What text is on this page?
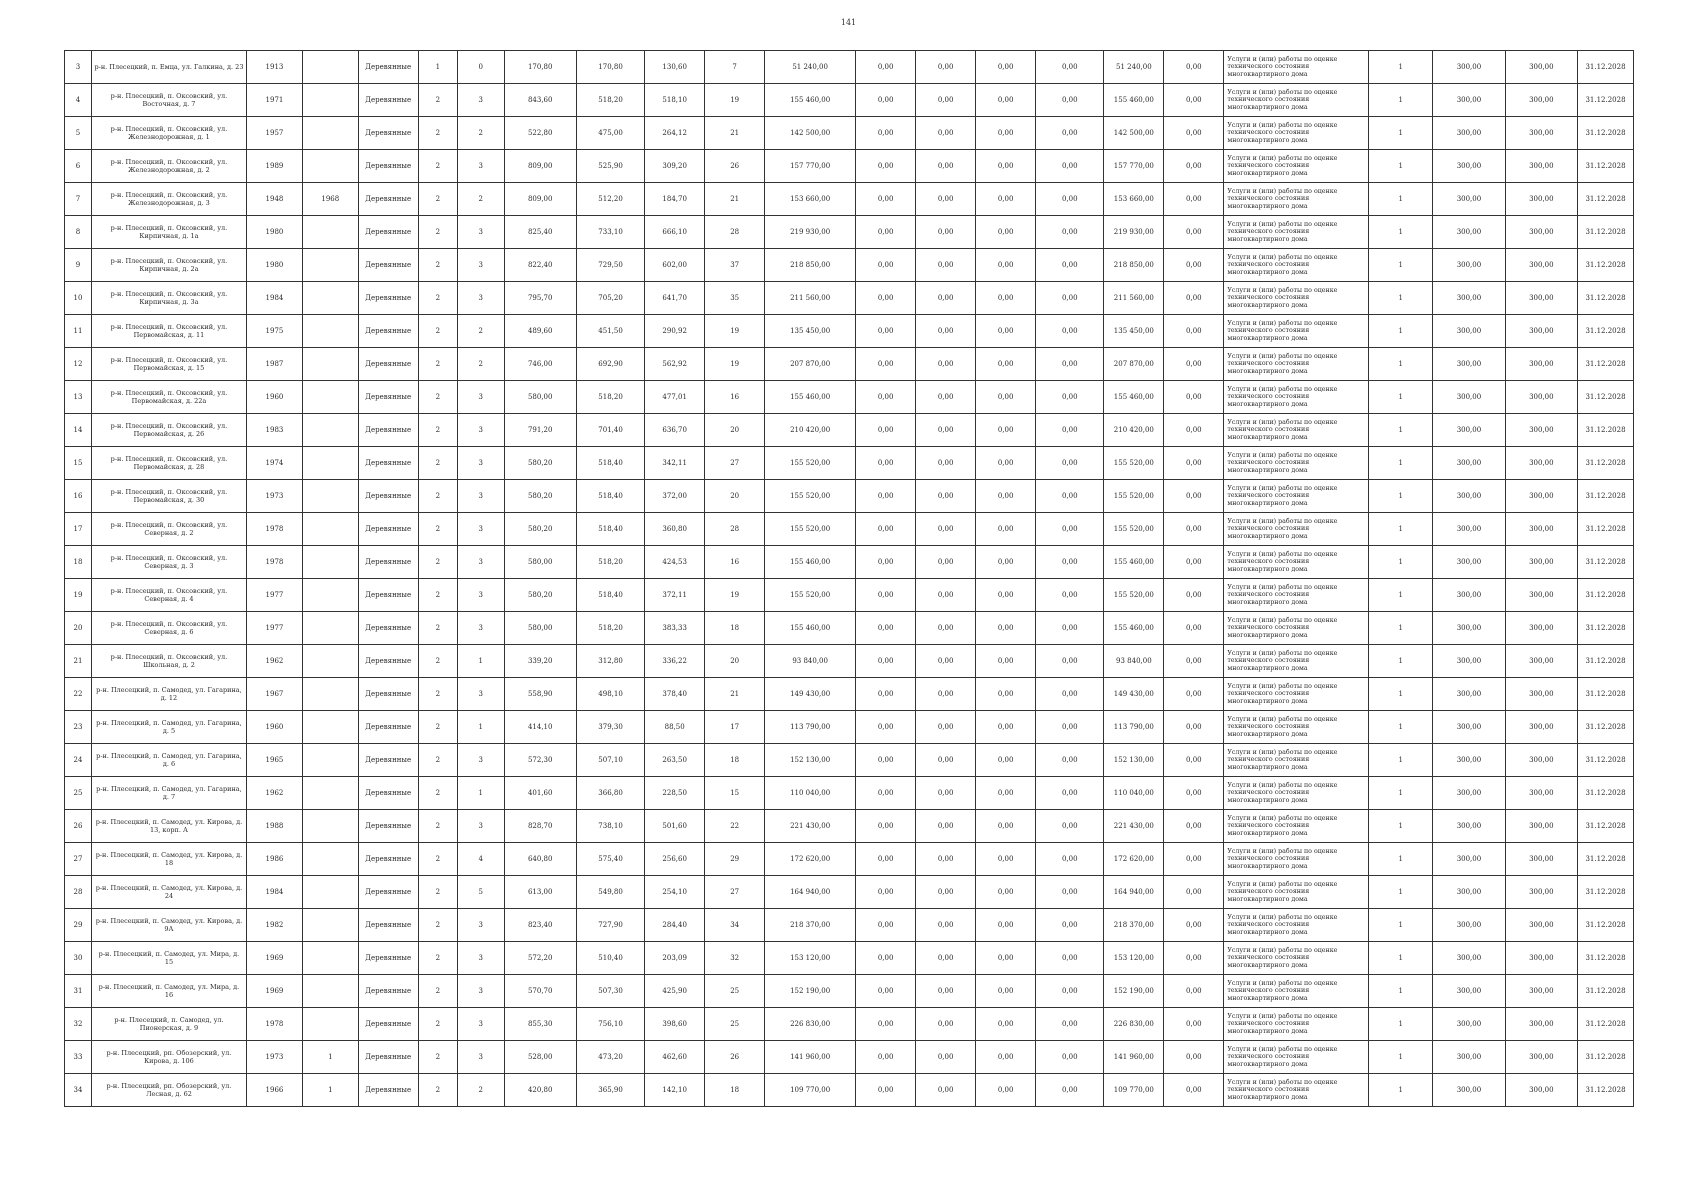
141
3	р-н. Плесецкий, п. Емца, ул. Галкина, д. 23	1913		Деревянные	1	0	170,80	170,80	130,60	7	51 240,00	0,00	0,00	0,00	0,00	51 240,00	0,00	Услуги и (или) работы по оценке технического состояния многоквартирного дома	1	300,00	300,00	31.12.2028
4	р-н. Плесецкий, п. Оксовский, ул. Восточная, д. 7	1971		Деревянные	2	3	843,60	518,20	518,10	19	155 460,00	0,00	0,00	0,00	0,00	155 460,00	0,00	Услуги и (или) работы по оценке технического состояния многоквартирного дома	1	300,00	300,00	31.12.2028
5	р-н. Плесецкий, п. Оксовский, ул. Железнодорожная, д. 1	1957		Деревянные	2	2	522,80	475,00	264,12	21	142 500,00	0,00	0,00	0,00	0,00	142 500,00	0,00	Услуги и (или) работы по оценке технического состояния многоквартирного дома	1	300,00	300,00	31.12.2028
6	р-н. Плесецкий, п. Оксовский, ул. Железнодорожная, д. 2	1989		Деревянные	2	3	809,00	525,90	309,20	26	157 770,00	0,00	0,00	0,00	0,00	157 770,00	0,00	Услуги и (или) работы по оценке технического состояния многоквартирного дома	1	300,00	300,00	31.12.2028
7	р-н. Плесецкий, п. Оксовский, ул. Железнодорожная, д. 3	1948	1968	Деревянные	2	2	809,00	512,20	184,70	21	153 660,00	0,00	0,00	0,00	0,00	153 660,00	0,00	Услуги и (или) работы по оценке технического состояния многоквартирного дома	1	300,00	300,00	31.12.2028
8	р-н. Плесецкий, п. Оксовский, ул. Кирпичная, д. 1а	1980		Деревянные	2	3	825,40	733,10	666,10	28	219 930,00	0,00	0,00	0,00	0,00	219 930,00	0,00	Услуги и (или) работы по оценке технического состояния многоквартирного дома	1	300,00	300,00	31.12.2028
9	р-н. Плесецкий, п. Оксовский, ул. Кирпичная, д. 2а	1980		Деревянные	2	3	822,40	729,50	602,00	37	218 850,00	0,00	0,00	0,00	0,00	218 850,00	0,00	Услуги и (или) работы по оценке технического состояния многоквартирного дома	1	300,00	300,00	31.12.2028
10	р-н. Плесецкий, п. Оксовский, ул. Кирпичная, д. 3а	1984		Деревянные	2	3	795,70	705,20	641,70	35	211 560,00	0,00	0,00	0,00	0,00	211 560,00	0,00	Услуги и (или) работы по оценке технического состояния многоквартирного дома	1	300,00	300,00	31.12.2028
11	р-н. Плесецкий, п. Оксовский, ул. Первомайская, д. 11	1975		Деревянные	2	2	489,60	451,50	290,92	19	135 450,00	0,00	0,00	0,00	0,00	135 450,00	0,00	Услуги и (или) работы по оценке технического состояния многоквартирного дома	1	300,00	300,00	31.12.2028
12	р-н. Плесецкий, п. Оксовский, ул. Первомайская, д. 15	1987		Деревянные	2	2	746,00	692,90	562,92	19	207 870,00	0,00	0,00	0,00	0,00	207 870,00	0,00	Услуги и (или) работы по оценке технического состояния многоквартирного дома	1	300,00	300,00	31.12.2028
13	р-н. Плесецкий, п. Оксовский, ул. Первомайская, д. 22а	1960		Деревянные	2	3	580,00	518,20	477,01	16	155 460,00	0,00	0,00	0,00	0,00	155 460,00	0,00	Услуги и (или) работы по оценке технического состояния многоквартирного дома	1	300,00	300,00	31.12.2028
14	р-н. Плесецкий, п. Оксовский, ул. Первомайская, д. 26	1983		Деревянные	2	3	791,20	701,40	636,70	20	210 420,00	0,00	0,00	0,00	0,00	210 420,00	0,00	Услуги и (или) работы по оценке технического состояния многоквартирного дома	1	300,00	300,00	31.12.2028
15	р-н. Плесецкий, п. Оксовский, ул. Первомайская, д. 28	1974		Деревянные	2	3	580,20	518,40	342,11	27	155 520,00	0,00	0,00	0,00	0,00	155 520,00	0,00	Услуги и (или) работы по оценке технического состояния многоквартирного дома	1	300,00	300,00	31.12.2028
16	р-н. Плесецкий, п. Оксовский, ул. Первомайская, д. 30	1973		Деревянные	2	3	580,20	518,40	372,00	20	155 520,00	0,00	0,00	0,00	0,00	155 520,00	0,00	Услуги и (или) работы по оценке технического состояния многоквартирного дома	1	300,00	300,00	31.12.2028
17	р-н. Плесецкий, п. Оксовский, ул. Северная, д. 2	1978		Деревянные	2	3	580,20	518,40	360,80	28	155 520,00	0,00	0,00	0,00	0,00	155 520,00	0,00	Услуги и (или) работы по оценке технического состояния многоквартирного дома	1	300,00	300,00	31.12.2028
18	р-н. Плесецкий, п. Оксовский, ул. Северная, д. 3	1978		Деревянные	2	3	580,00	518,20	424,53	16	155 460,00	0,00	0,00	0,00	0,00	155 460,00	0,00	Услуги и (или) работы по оценке технического состояния многоквартирного дома	1	300,00	300,00	31.12.2028
19	р-н. Плесецкий, п. Оксовский, ул. Северная, д. 4	1977		Деревянные	2	3	580,20	518,40	372,11	19	155 520,00	0,00	0,00	0,00	0,00	155 520,00	0,00	Услуги и (или) работы по оценке технического состояния многоквартирного дома	1	300,00	300,00	31.12.2028
20	р-н. Плесецкий, п. Оксовский, ул. Северная, д. 6	1977		Деревянные	2	3	580,00	518,20	383,33	18	155 460,00	0,00	0,00	0,00	0,00	155 460,00	0,00	Услуги и (или) работы по оценке технического состояния многоквартирного дома	1	300,00	300,00	31.12.2028
21	р-н. Плесецкий, п. Оксовский, ул. Школьная, д. 2	1962		Деревянные	2	1	339,20	312,80	336,22	20	93 840,00	0,00	0,00	0,00	0,00	93 840,00	0,00	Услуги и (или) работы по оценке технического состояния многоквартирного дома	1	300,00	300,00	31.12.2028
22	р-н. Плесецкий, п. Самодед, ул. Гагарина, д. 12	1967		Деревянные	2	3	558,90	498,10	378,40	21	149 430,00	0,00	0,00	0,00	0,00	149 430,00	0,00	Услуги и (или) работы по оценке технического состояния многоквартирного дома	1	300,00	300,00	31.12.2028
23	р-н. Плесецкий, п. Самодед, ул. Гагарина, д. 5	1960		Деревянные	2	1	414,10	379,30	88,50	17	113 790,00	0,00	0,00	0,00	0,00	113 790,00	0,00	Услуги и (или) работы по оценке технического состояния многоквартирного дома	1	300,00	300,00	31.12.2028
24	р-н. Плесецкий, п. Самодед, ул. Гагарина, д. 6	1965		Деревянные	2	3	572,30	507,10	263,50	18	152 130,00	0,00	0,00	0,00	0,00	152 130,00	0,00	Услуги и (или) работы по оценке технического состояния многоквартирного дома	1	300,00	300,00	31.12.2028
25	р-н. Плесецкий, п. Самодед, ул. Гагарина, д. 7	1962		Деревянные	2	1	401,60	366,80	228,50	15	110 040,00	0,00	0,00	0,00	0,00	110 040,00	0,00	Услуги и (или) работы по оценке технического состояния многоквартирного дома	1	300,00	300,00	31.12.2028
26	р-н. Плесецкий, п. Самодед, ул. Кирова, д. 13, корп. А	1988		Деревянные	2	3	828,70	738,10	501,60	22	221 430,00	0,00	0,00	0,00	0,00	221 430,00	0,00	Услуги и (или) работы по оценке технического состояния многоквартирного дома	1	300,00	300,00	31.12.2028
27	р-н. Плесецкий, п. Самодед, ул. Кирова, д. 18	1986		Деревянные	2	4	640,80	575,40	256,60	29	172 620,00	0,00	0,00	0,00	0,00	172 620,00	0,00	Услуги и (или) работы по оценке технического состояния многоквартирного дома	1	300,00	300,00	31.12.2028
28	р-н. Плесецкий, п. Самодед, ул. Кирова, д. 24	1984		Деревянные	2	5	613,00	549,80	254,10	27	164 940,00	0,00	0,00	0,00	0,00	164 940,00	0,00	Услуги и (или) работы по оценке технического состояния многоквартирного дома	1	300,00	300,00	31.12.2028
29	р-н. Плесецкий, п. Самодед, ул. Кирова, д. 9А	1982		Деревянные	2	3	823,40	727,90	284,40	34	218 370,00	0,00	0,00	0,00	0,00	218 370,00	0,00	Услуги и (или) работы по оценке технического состояния многоквартирного дома	1	300,00	300,00	31.12.2028
30	р-н. Плесецкий, п. Самодед, ул. Мира, д. 15	1969		Деревянные	2	3	572,20	510,40	203,09	32	153 120,00	0,00	0,00	0,00	0,00	153 120,00	0,00	Услуги и (или) работы по оценке технического состояния многоквартирного дома	1	300,00	300,00	31.12.2028
31	р-н. Плесецкий, п. Самодед, ул. Мира, д. 16	1969		Деревянные	2	3	570,70	507,30	425,90	25	152 190,00	0,00	0,00	0,00	0,00	152 190,00	0,00	Услуги и (или) работы по оценке технического состояния многоквартирного дома	1	300,00	300,00	31.12.2028
32	р-н. Плесецкий, п. Самодед, ул. Пионерская, д. 9	1978		Деревянные	2	3	855,30	756,10	398,60	25	226 830,00	0,00	0,00	0,00	0,00	226 830,00	0,00	Услуги и (или) работы по оценке технического состояния многоквартирного дома	1	300,00	300,00	31.12.2028
33	р-н. Плесецкий, рп. Обозерский, ул. Кирова, д. 106	1973	1	Деревянные	2	3	528,00	473,20	462,60	26	141 960,00	0,00	0,00	0,00	0,00	141 960,00	0,00	Услуги и (или) работы по оценке технического состояния многоквартирного дома	1	300,00	300,00	31.12.2028
34	р-н. Плесецкий, рп. Обозерский, ул. Лесная, д. 62	1966	1	Деревянные	2	2	420,80	365,90	142,10	18	109 770,00	0,00	0,00	0,00	0,00	109 770,00	0,00	Услуги и (или) работы по оценке технического состояния многоквартирного дома	1	300,00	300,00	31.12.2028
